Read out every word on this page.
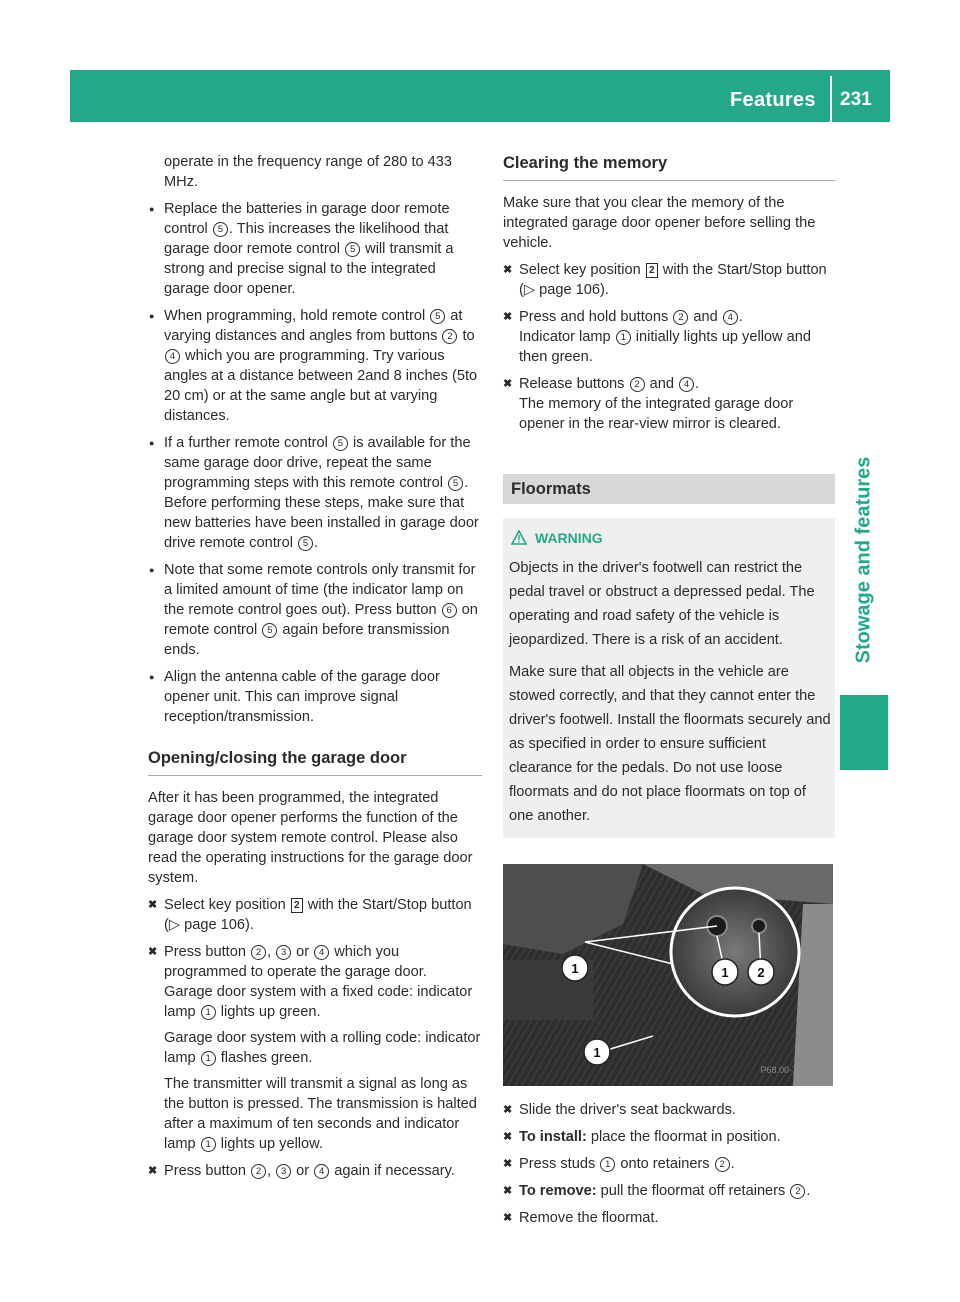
Features 231
Stowage and features

operate in the frequency range of 280 to 433 MHz.

● Replace the batteries in garage door remote control 5 . This increases the likelihood that garage door remote control 5 will transmit a strong and precise signal to the integrated garage door opener.
● When programming, hold remote control 5 at varying distances and angles from buttons 2 to 4 which you are programming. Try various angles at a distance between 2and 8 inches (5to 20 cm) or at the same angle but at varying distances.
● If a further remote control 5 is available for the same garage door drive, repeat the same programming steps with this remote control 5 . Before performing these steps, make sure that new batteries have been installed in garage door drive remote control 5 .
● Note that some remote controls only transmit for a limited amount of time (the indicator lamp on the remote control goes out). Press button 6 on remote control 5 again before transmission ends.
● Align the antenna cable of the garage door opener unit. This can improve signal reception/transmission.
Opening/closing the garage door

After it has been programmed, the integrated garage door opener performs the function of the garage door system remote control. Please also read the operating instructions for the garage door system.

✖ Select key position 2 with the Start/Stop button (▷ page 106).
✖ Press button 2 , 3 or 4 which you programmed to operate the garage door.
Garage door system with a fixed code: indicator lamp 1 lights up green.
Garage door system with a rolling code: indicator lamp 1 flashes green.
The transmitter will transmit a signal as long as the button is pressed. The transmission is halted after a maximum of ten seconds and indicator lamp 1 lights up yellow.
✖ Press button 2 , 3 or 4 again if necessary.
Clearing the memory

Make sure that you clear the memory of the integrated garage door opener before selling the vehicle.

✖ Select key position 2 with the Start/Stop button (▷ page 106).
✖ Press and hold buttons 2 and 4 .
Indicator lamp 1 initially lights up yellow and then green.
✖ Release buttons 2 and 4 .
The memory of the integrated garage door opener in the rear-view mirror is cleared.
Floormats
WARNING

Objects in the driver's footwell can restrict the pedal travel or obstruct a depressed pedal. The operating and road safety of the vehicle is jeopardized. There is a risk of an accident.

Make sure that all objects in the vehicle are stowed correctly, and that they cannot enter the driver's footwell. Install the floormats securely and as specified in order to ensure sufficient clearance for the pedals. Do not use loose floormats and do not place floormats on top of one another.

1	1 2
1
P68.00-7263-31
✖ Slide the driver's seat backwards.
✖ To install: place the floormat in position.
✖ Press studs 1 onto retainers 2 .
✖ To remove: pull the floormat off retainers 2 .
✖ Remove the floormat.
